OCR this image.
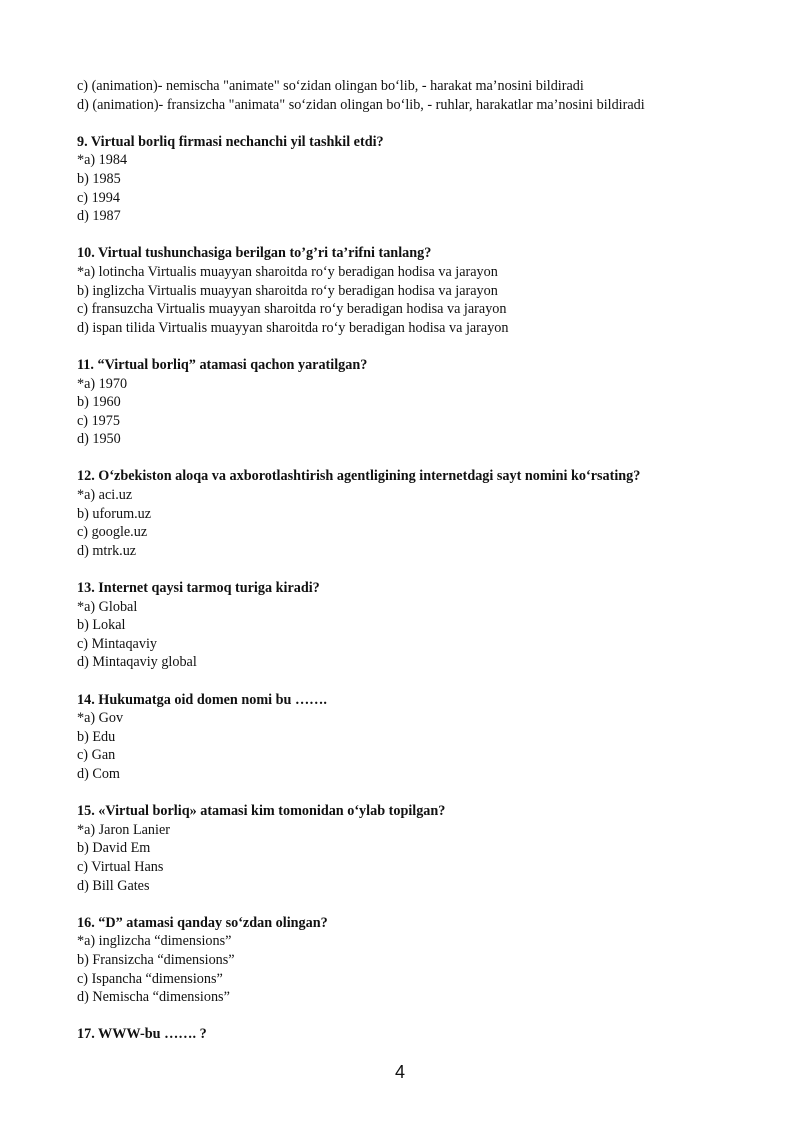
c) (animation)- nemischa "animate" so‘zidan olingan bo‘lib, - harakat ma’nosini bildiradi
d) (animation)- fransizcha "animata" so‘zidan olingan bo‘lib, - ruhlar, harakatlar ma’nosini bildiradi
9. Virtual borliq firmasi nechanchi yil tashkil etdi?
*a) 1984
b) 1985
c) 1994
d) 1987
10. Virtual tushunchasiga berilgan to’g’ri ta’rifni tanlang?
*a) lotincha Virtualis muayyan sharoitda ro‘y beradigan hodisa va jarayon
b) inglizcha Virtualis muayyan sharoitda ro‘y beradigan hodisa va jarayon
c) fransuzcha Virtualis muayyan sharoitda ro‘y beradigan hodisa va jarayon
d) ispan tilida Virtualis muayyan sharoitda ro‘y beradigan hodisa va jarayon
11. “Virtual borliq” atamasi qachon yaratilgan?
*a) 1970
b) 1960
c) 1975
d) 1950
12. O‘zbekiston aloqa va axborotlashtirish agentligining internetdagi sayt nomini ko‘rsating?
*a) aci.uz
b) uforum.uz
c) google.uz
d) mtrk.uz
13. Internet qaysi tarmoq turiga kiradi?
*a) Global
b) Lokal
c) Mintaqaviy
d) Mintaqaviy global
14. Hukumatga oid domen nomi bu …….
*a) Gov
b) Edu
c) Gan
d) Com
15. «Virtual borliq» atamasi kim tomonidan o‘ylab topilgan?
*a) Jaron Lanier
b) David Em
c) Virtual Hans
d) Bill Gates
16. “D” atamasi qanday so‘zdan olingan?
*a) inglizcha “dimensions”
b) Fransizcha “dimensions”
c) Ispancha “dimensions”
d) Nemischa “dimensions”
17. WWW-bu ……. ?
4
